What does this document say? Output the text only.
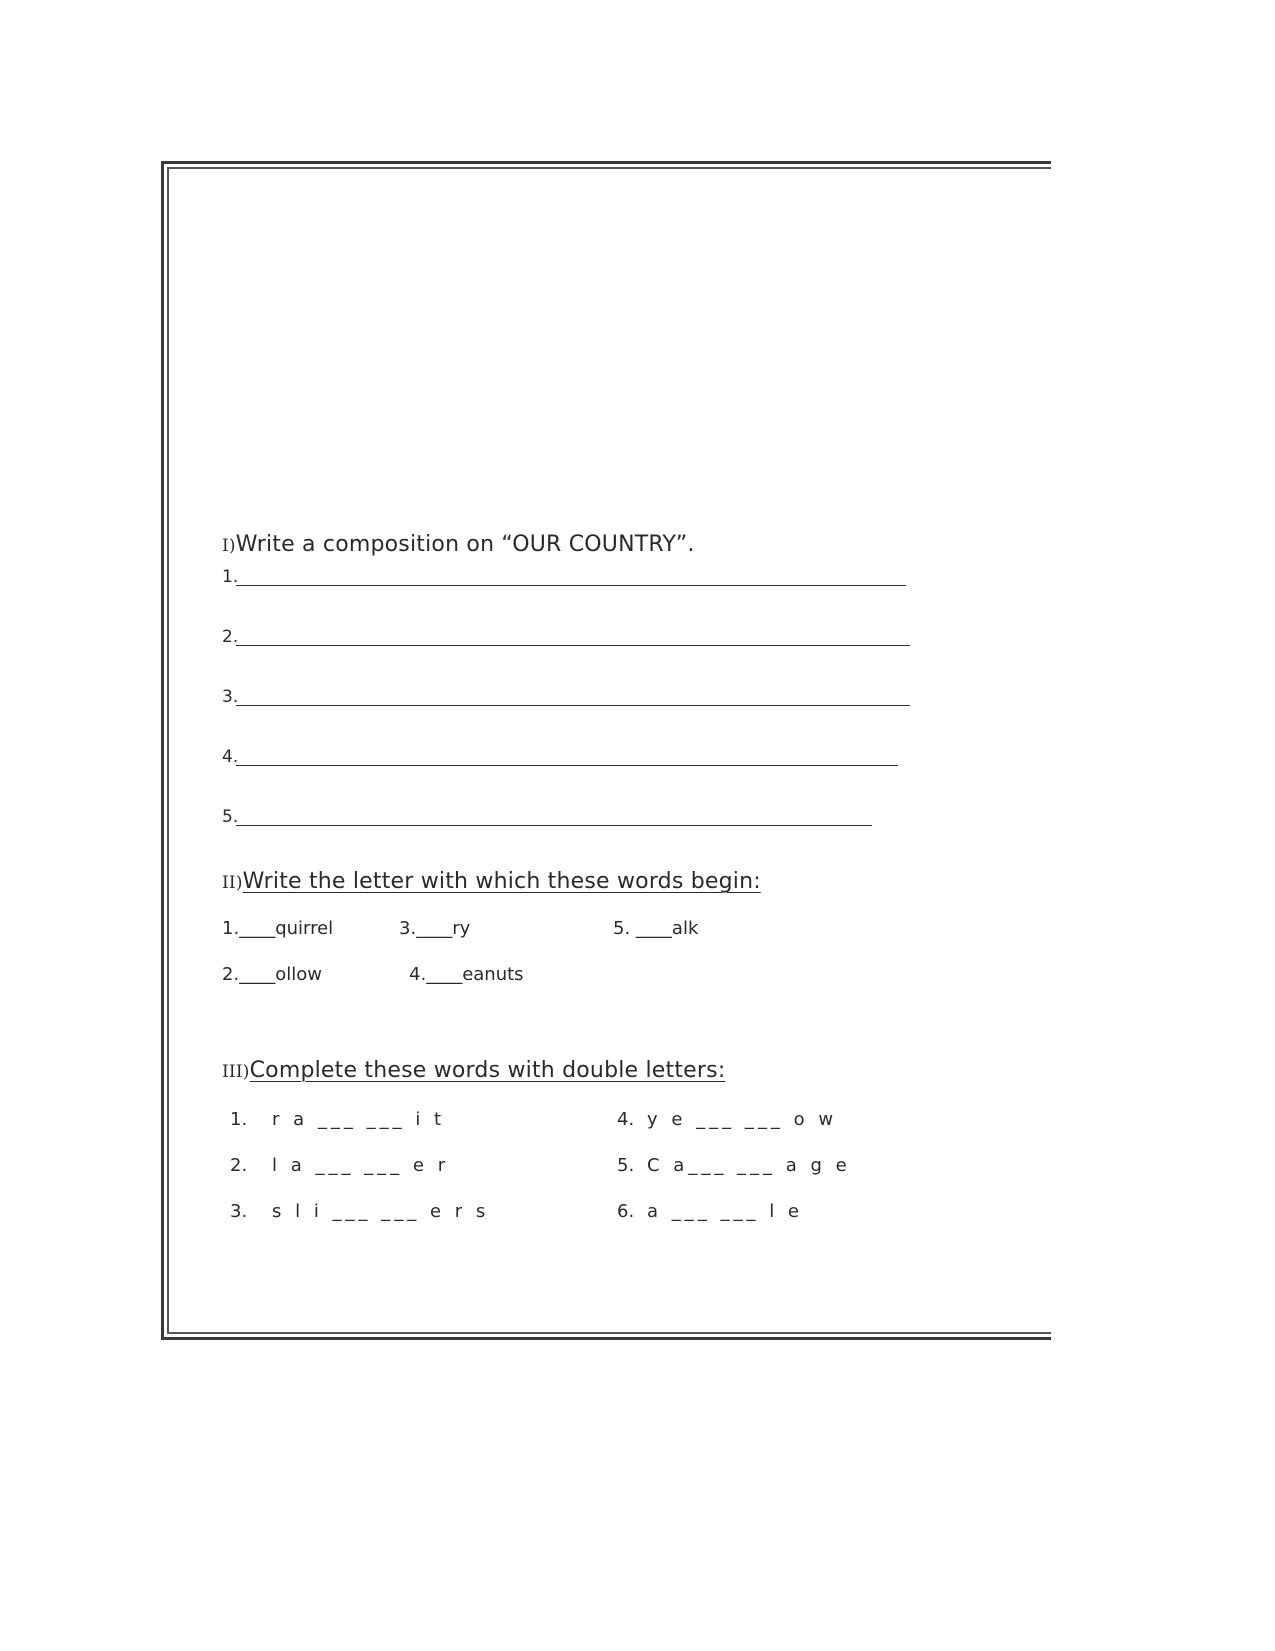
I)Write a composition on “OUR COUNTRY”.
1.
2.
3.
4.
5.
II)Write the letter with which these words begin:
1.____quirrel	3.____ry	5. ____alk
2.____ollow	4.____eanuts
III)Complete these words with double letters:
1. r a ___ ___ i t
2. l a ___ ___ e r
3. s l i ___ ___ e r s
4. y e ___ ___ o w
5. C a___ ___ a g e
6. a ___ ___ l e
